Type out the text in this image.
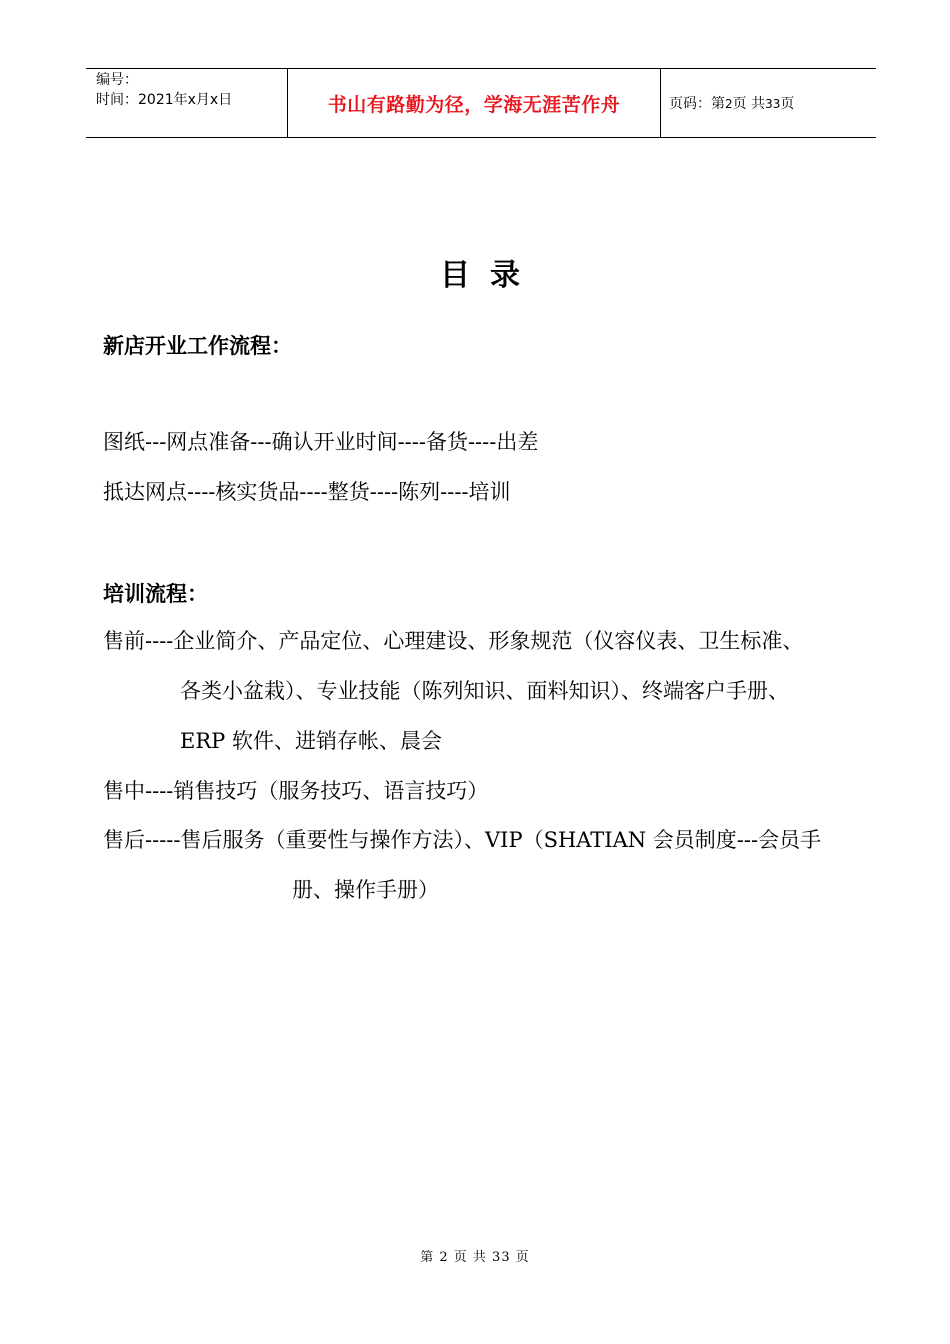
编号：
时间：2021年x月x日	书山有路勤为径，学海无涯苦作舟	页码：第2页 共33页
目录
新店开业工作流程：
图纸---网点准备---确认开业时间----备货----出差
抵达网点----核实货品----整货----陈列----培训
培训流程：
售前----企业简介、产品定位、心理建设、形象规范（仪容仪表、卫生标准、
各类小盆栽）、专业技能（陈列知识、面料知识）、终端客户手册、
ERP 软件、进销存帐、晨会
售中----销售技巧（服务技巧、语言技巧）
售后-----售后服务（重要性与操作方法）、VIP（SHATIAN 会员制度---会员手
册、操作手册）
第 2 页 共 33 页
